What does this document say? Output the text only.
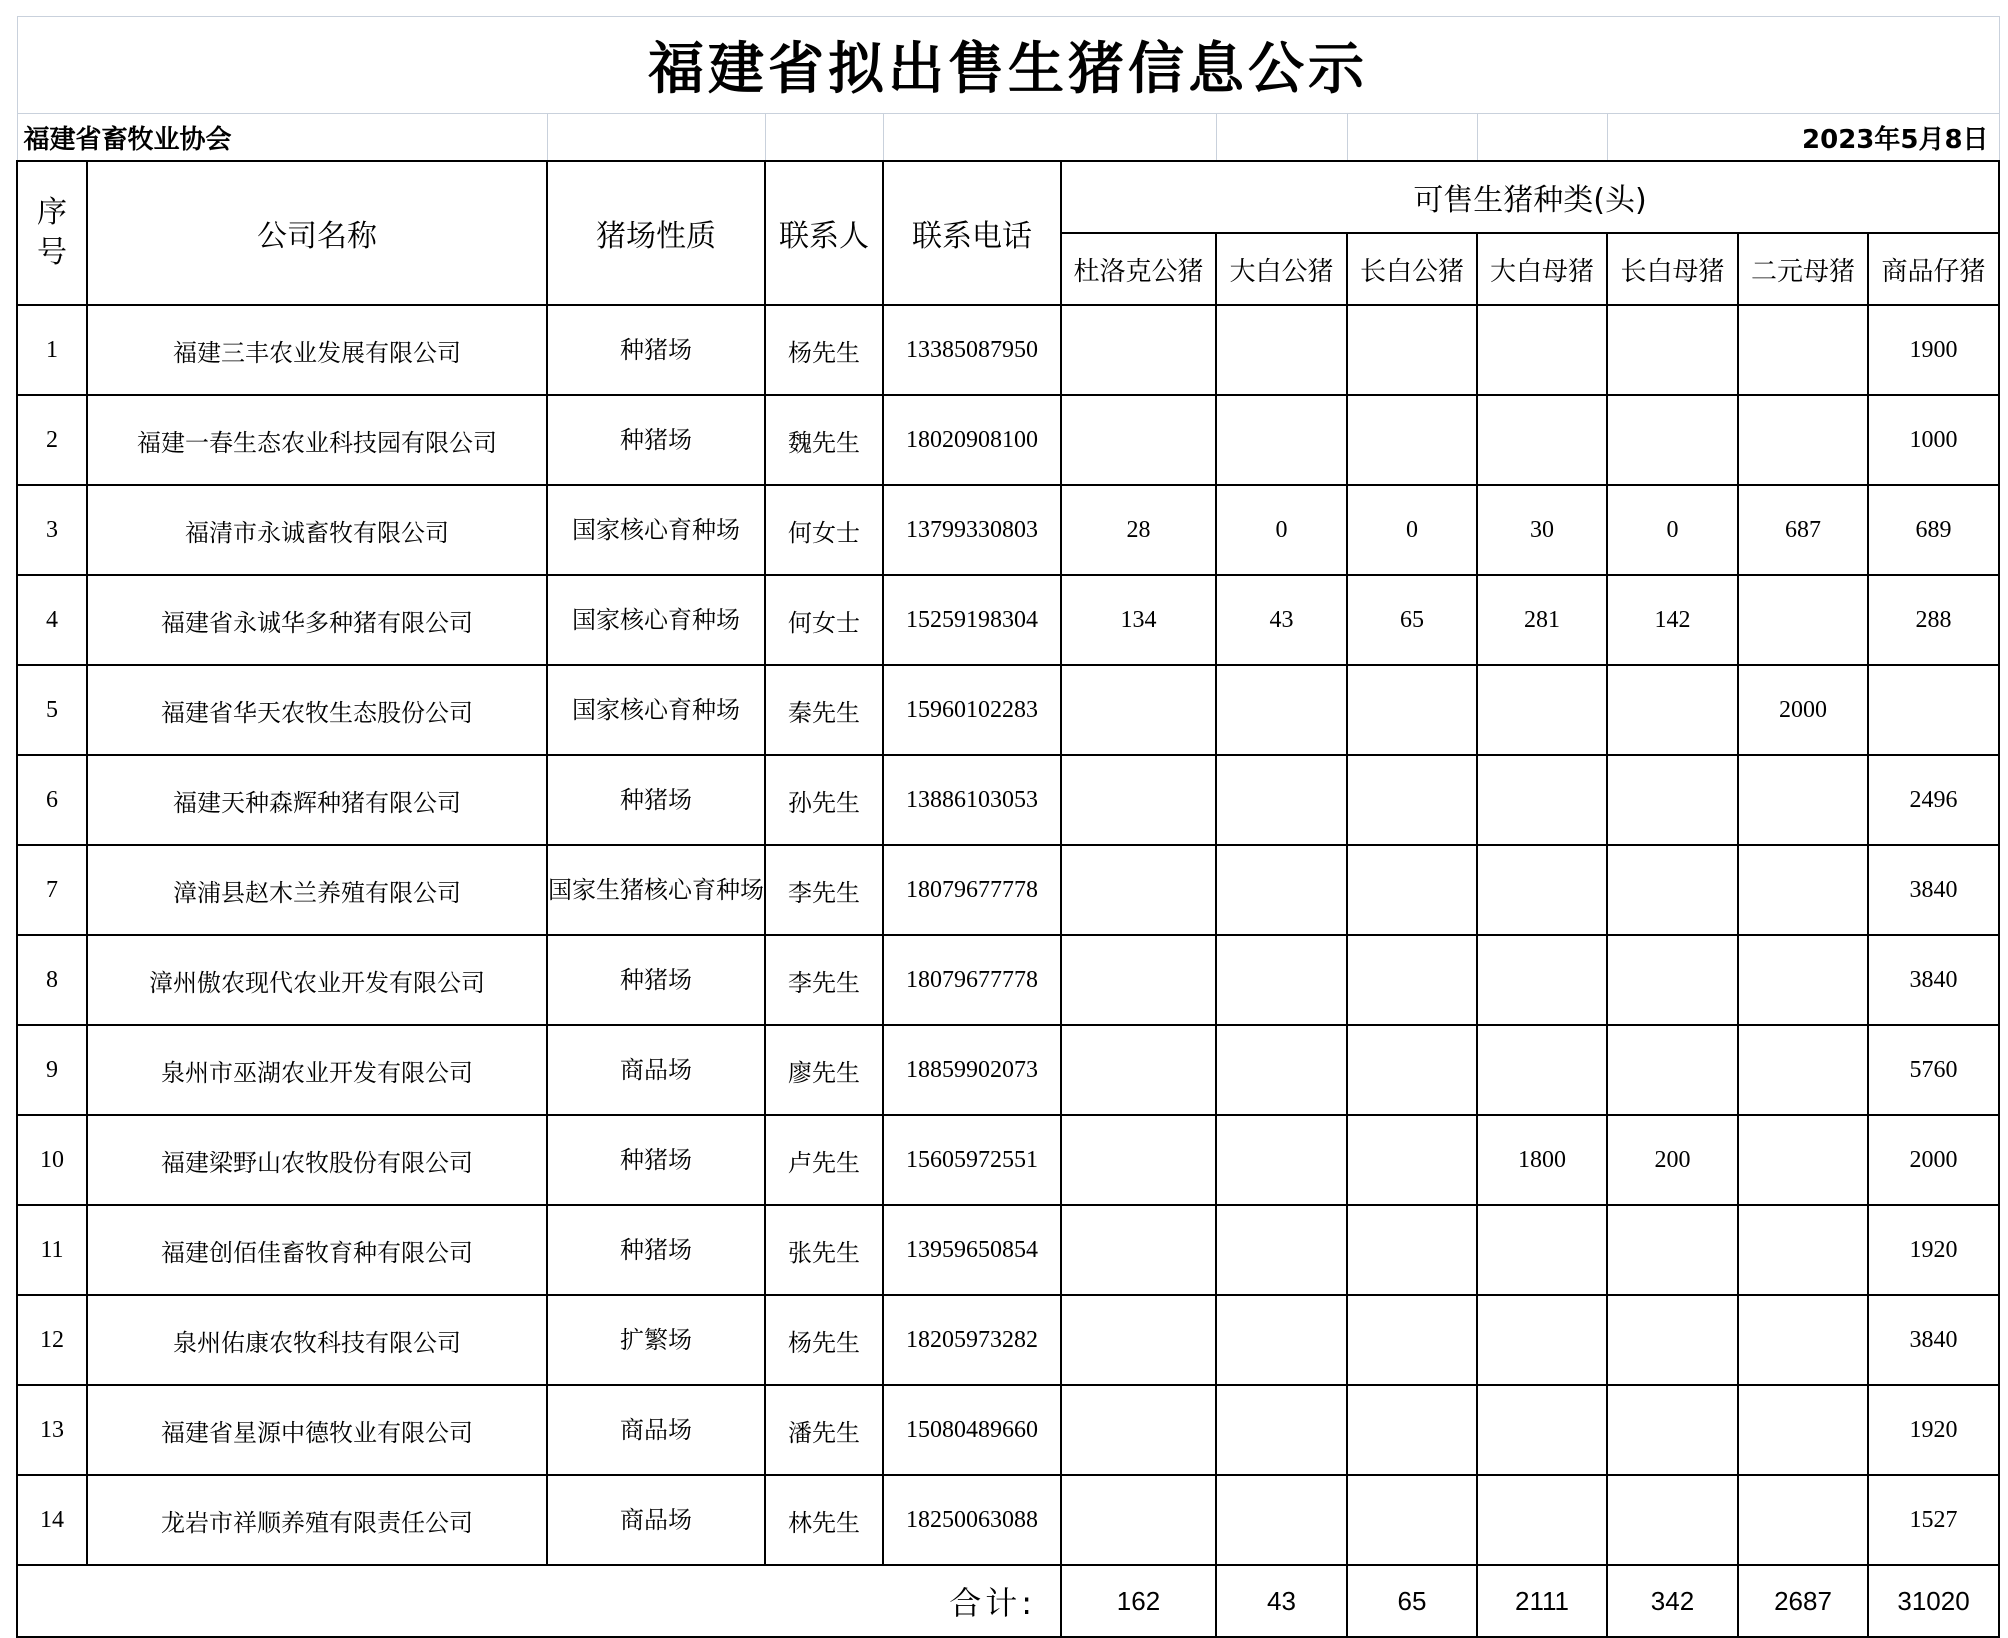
福建省拟出售生猪信息公示											
福建省畜牧业协会									2023年5月8日		
序号	公司名称	猪场性质	联系人	联系电话	可售生猪种类(头)						
					杜洛克公猪	大白公猪	长白公猪	大白母猪	长白母猪	二元母猪	商品仔猪
1	福建三丰农业发展有限公司	种猪场	杨先生	13385087950							1900
2	福建一春生态农业科技园有限公司	种猪场	魏先生	18020908100							1000
3	福清市永诚畜牧有限公司	国家核心育种场	何女士	13799330803	28	0	0	30	0	687	689
4	福建省永诚华多种猪有限公司	国家核心育种场	何女士	15259198304	134	43	65	281	142		288
5	福建省华天农牧生态股份公司	国家核心育种场	秦先生	15960102283						2000	
6	福建天种森辉种猪有限公司	种猪场	孙先生	13886103053							2496
7	漳浦县赵木兰养殖有限公司	国家生猪核心育种场	李先生	18079677778							3840
8	漳州傲农现代农业开发有限公司	种猪场	李先生	18079677778							3840
9	泉州市巫湖农业开发有限公司	商品场	廖先生	18859902073							5760
10	福建梁野山农牧股份有限公司	种猪场	卢先生	15605972551				1800	200		2000
11	福建创佰佳畜牧育种有限公司	种猪场	张先生	13959650854							1920
12	泉州佑康农牧科技有限公司	扩繁场	杨先生	18205973282							3840
13	福建省星源中德牧业有限公司	商品场	潘先生	15080489660							1920
14	龙岩市祥顺养殖有限责任公司	商品场	林先生	18250063088							1527
合计:					162	43	65	2111	342	2687	31020
